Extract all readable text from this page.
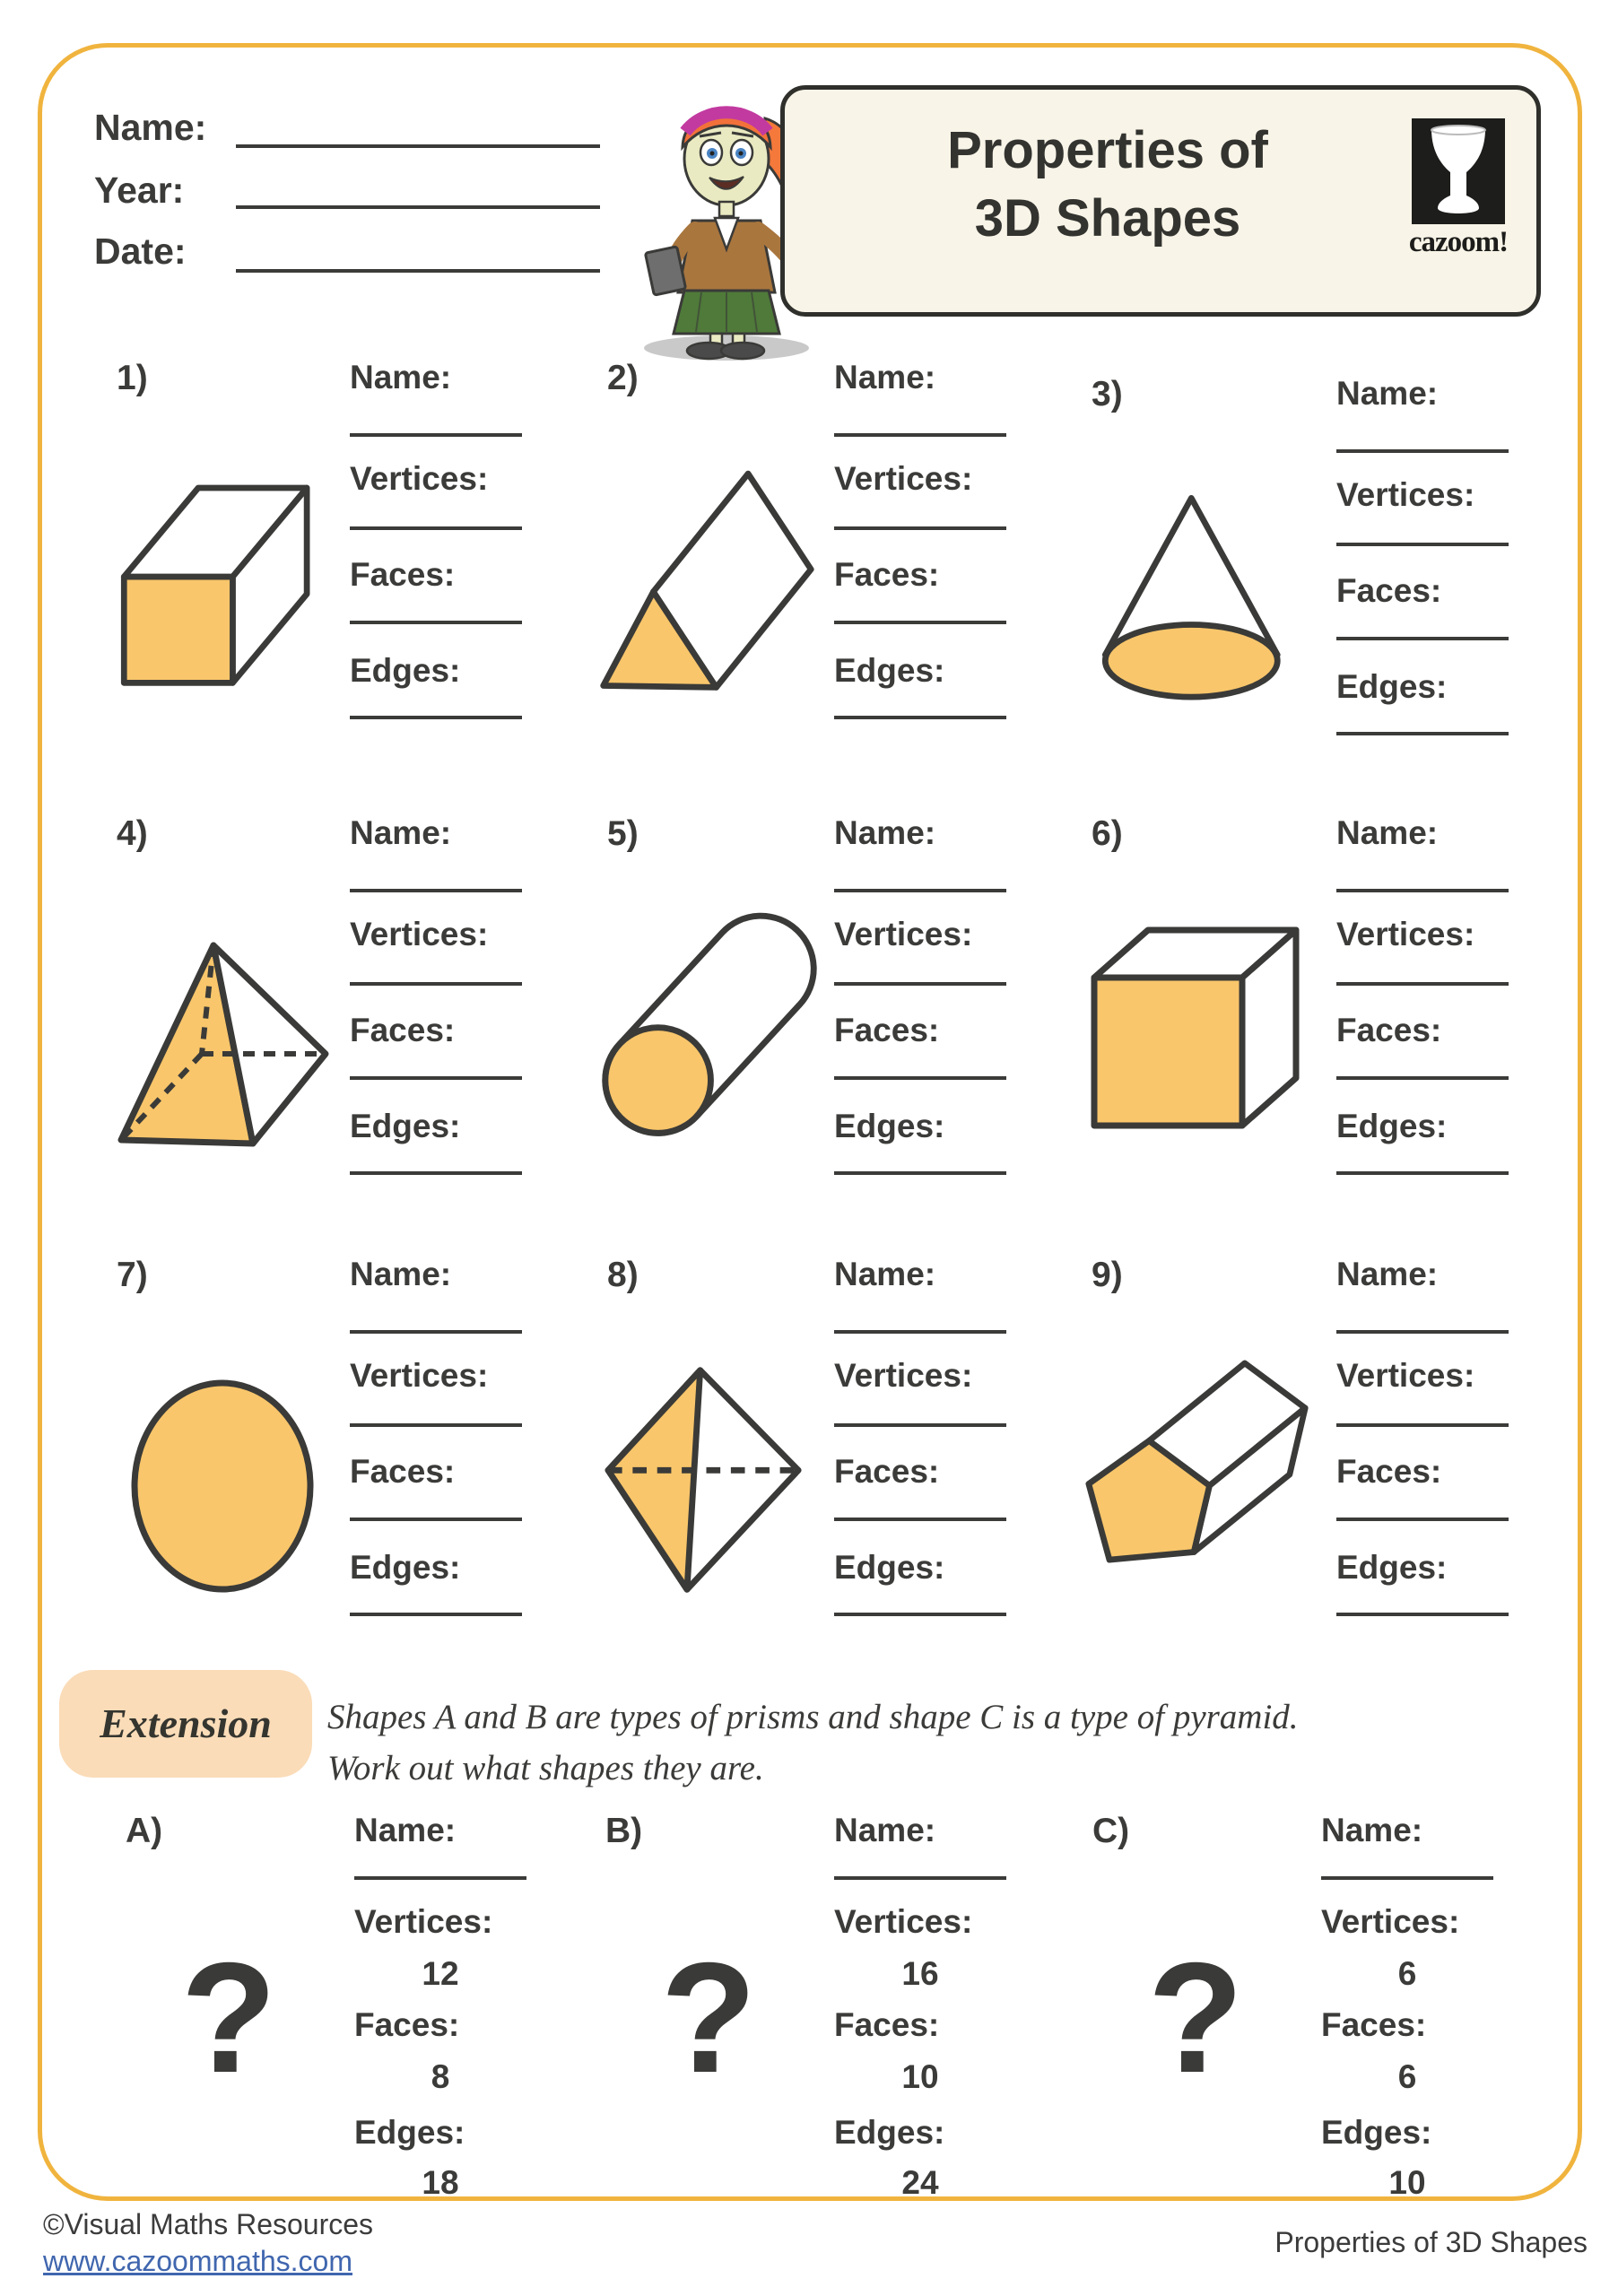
Name:
Year:
Date:
Properties of
3D Shapes	cazoom!
1)	Name:
Vertices:
Faces:
Edges:
2)	Name:
Vertices:
Faces:
Edges:
3)	Name:
Vertices:
Faces:
Edges:
4)	Name:
Vertices:
Faces:
Edges:
5)	Name:
Vertices:
Faces:
Edges:
6)	Name:
Vertices:
Faces:
Edges:
7)	Name:
Vertices:
Faces:
Edges:
8)	Name:
Vertices:
Faces:
Edges:
9)	Name:
Vertices:
Faces:
Edges:
Extension	Shapes A and B are types of prisms and shape C is a type of pyramid.
Work out what shapes they are.
A)
?
Name:
Vertices:
12
Faces:
8
Edges:
18
B)
?
Name:
Vertices:
16
Faces:
10
Edges:
24
C)
?
Name:
Vertices:
6
Faces:
6
Edges:
10
©Visual Maths Resources
www.cazoommaths.com
Properties of 3D Shapes
